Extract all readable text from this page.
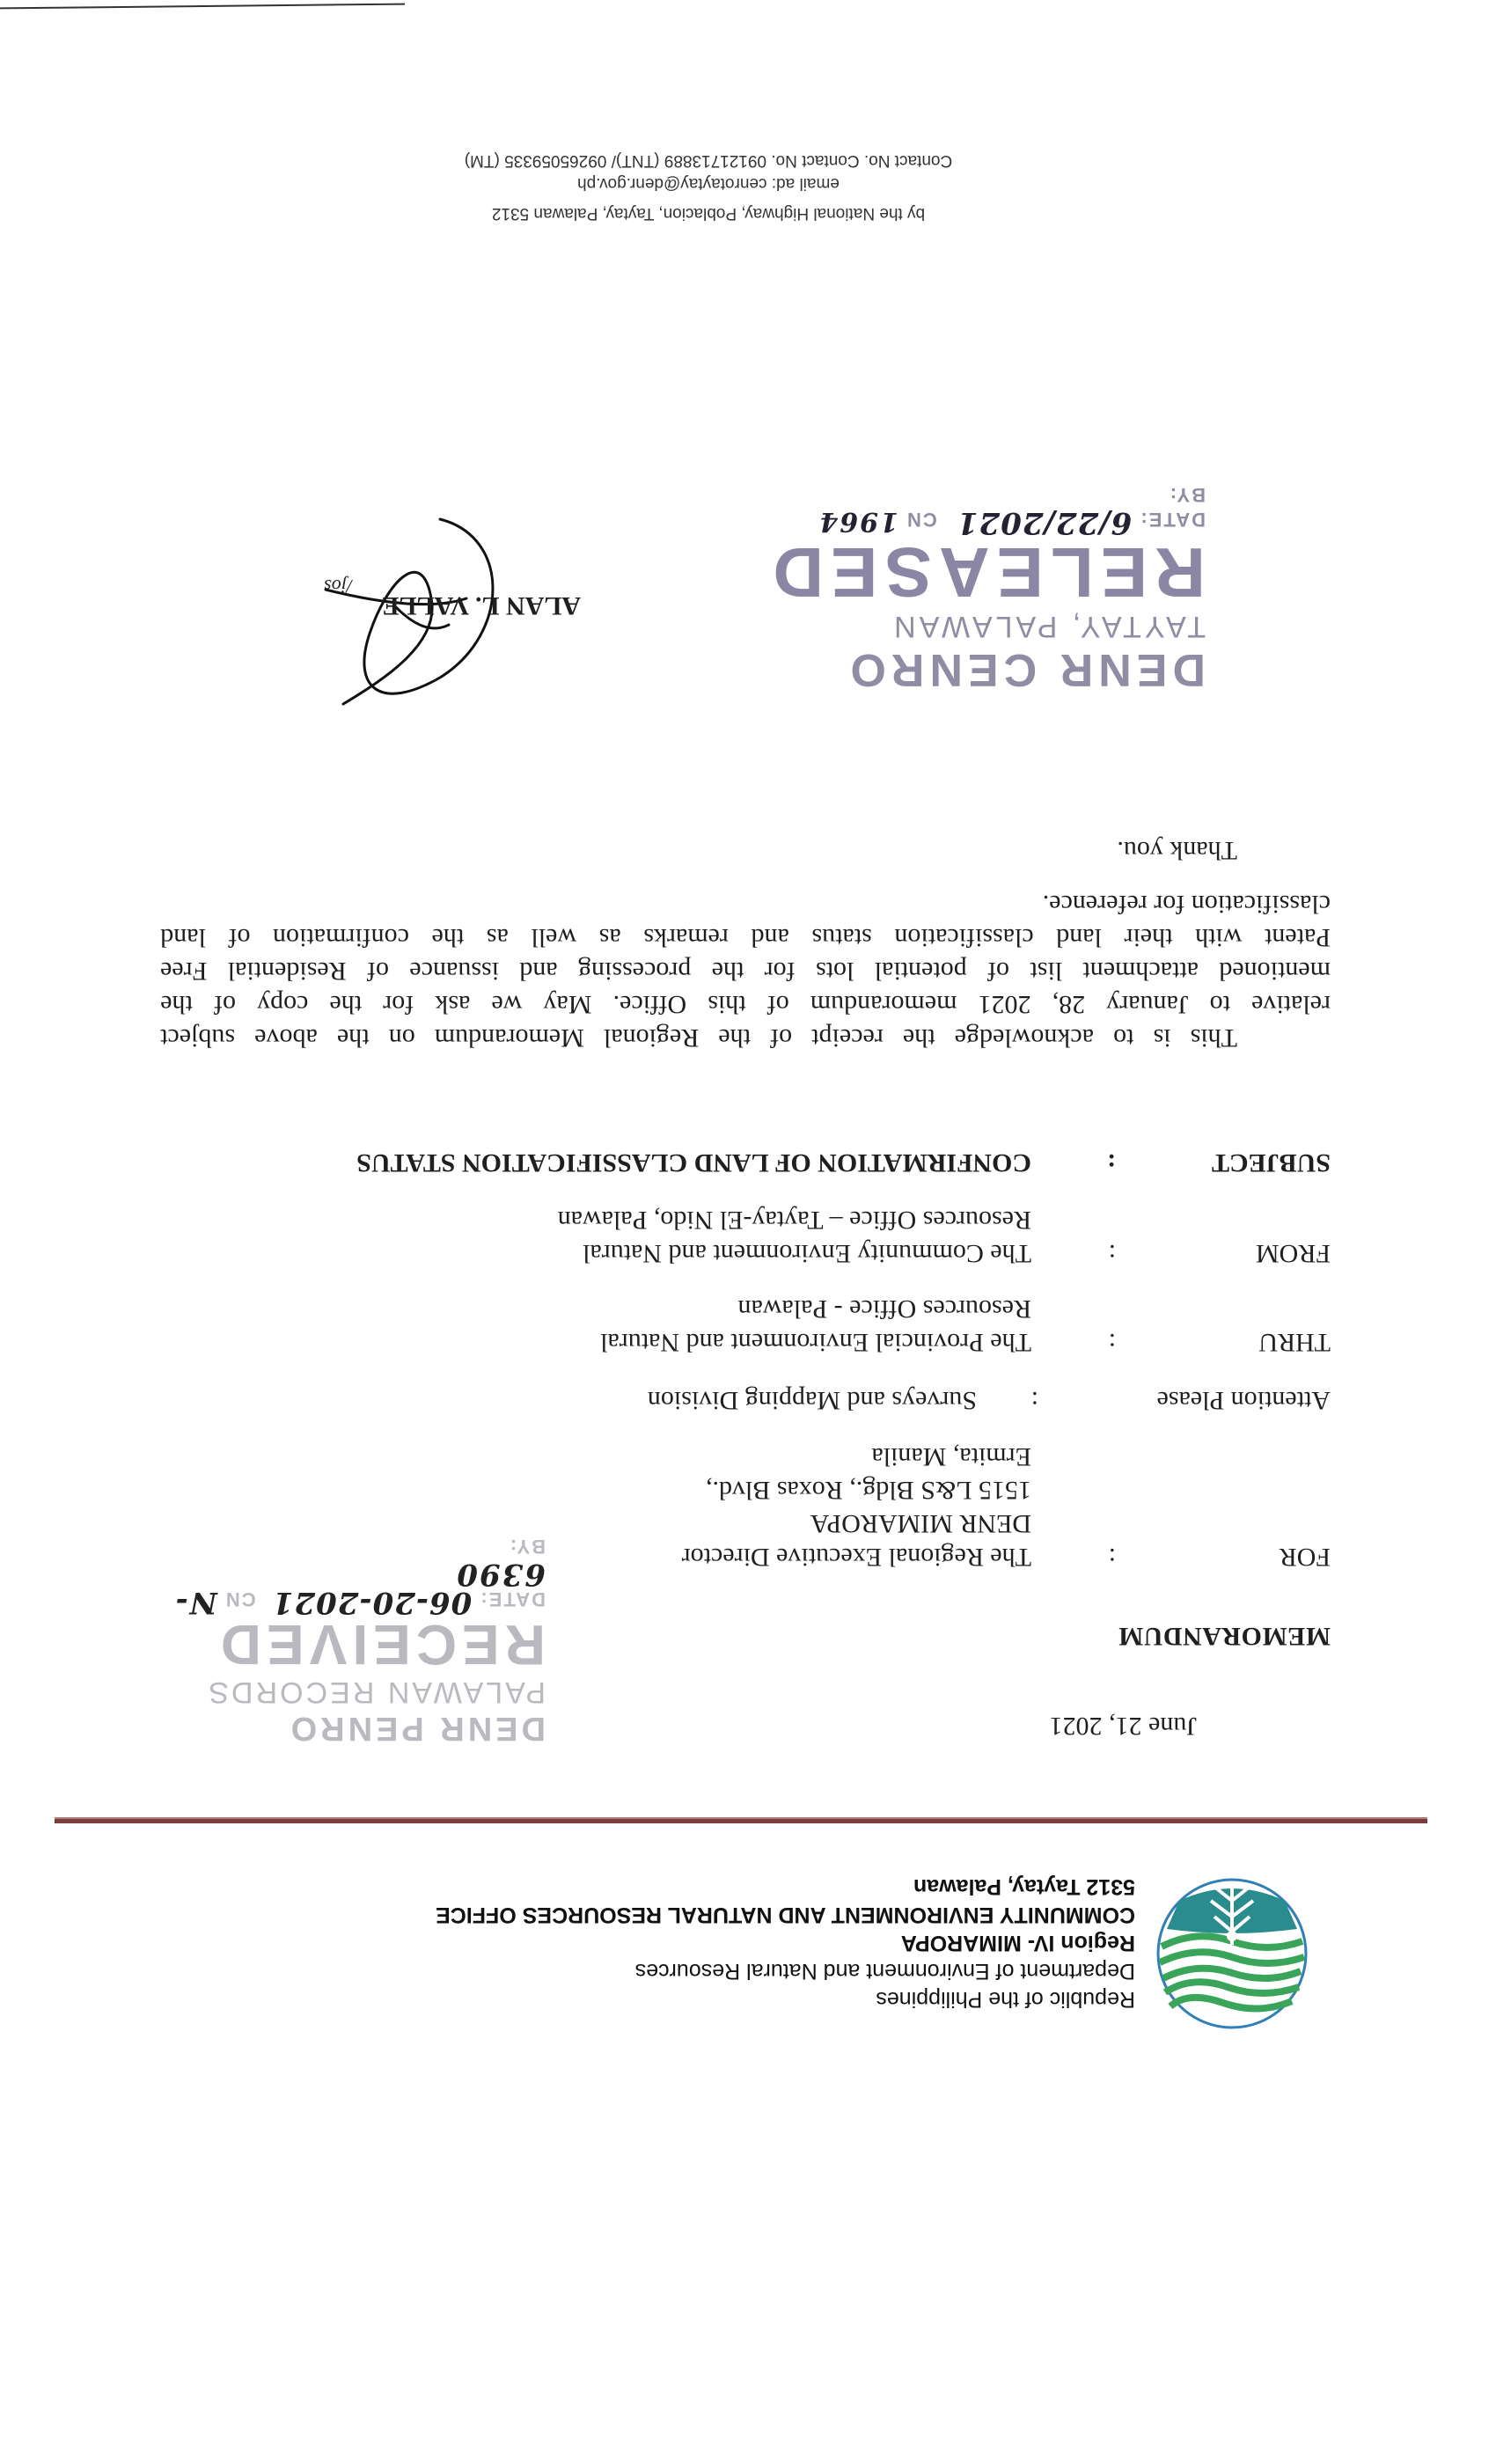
Republic of the Philippines
Department of Environment and Natural Resources
Region IV- MIMAROPA
COMMUNITY ENVIRONMENT AND NATURAL RESOURCES OFFICE
5312 Taytay, Palawan
DENR PENRO
PALAWAN RECORDS
RECEIVED
DATE: 06-20-2021 CN N-6390
BY:
June 21, 2021
MEMORANDUM
FOR
:
The Regional Executive Director
DENR MIMAROPA
1515 L&S Bldg., Roxas Blvd.,
Ermita, Manila
Attention Please
:
Surveys and Mapping Division
THRU
:
The Provincial Environment and Natural
Resources Office - Palawan
FROM
:
The Community Environment and Natural
Resources Office – Taytay-El Nido, Palawan
SUBJECT
:
CONFIRMATION OF LAND CLASSIFICATION STATUS
This
is
to
acknowledge
the
receipt
of
the
Regional
Memorandum
on
the
above
subject
relative
to
January
28,
2021
memorandum
of
this
Office.
May
we
ask
for
the
copy
of
the
mentioned
attachment
list
of
potential
lots
for
the
processing
and
issuance
of
Residential
Free
Patent
with
their
land
classification
status
and
remarks
as
well
as
the
confirmation
of
land
classification for reference.
Thank you.
DENR CENRO
TAYTAY, PALAWAN
RELEASED
DATE: 6/22/2021 CN 1964
BY:
ALAN L. VALLE
/jos
by the National Highway, Poblacion, Taytay, Palawan 5312
email ad: cenrotaytay@denr.gov.ph
Contact No. Contact No. 09121713889 (TNT)/ 09265059335 (TM)
